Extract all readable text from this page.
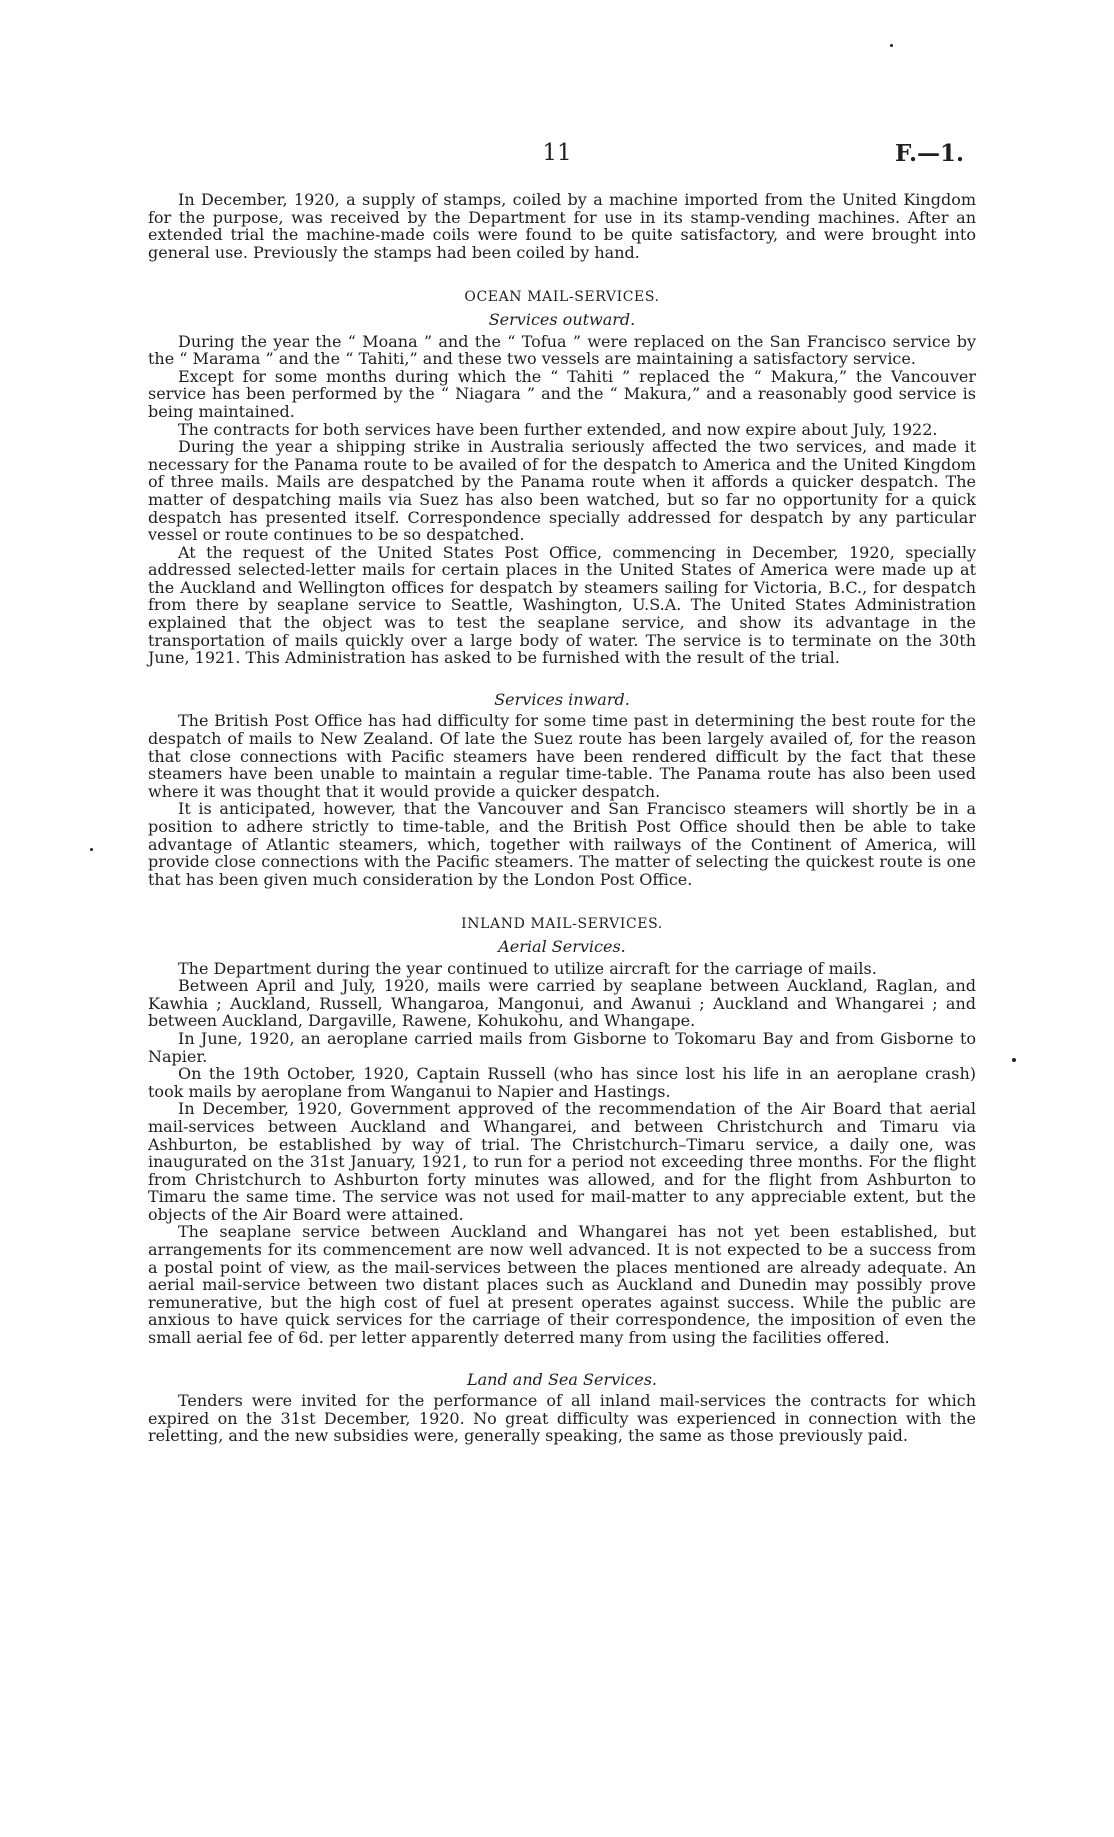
11	F.—1.

In December, 1920, a supply of stamps, coiled by a machine imported from the United Kingdom for the purpose, was received by the Department for use in its stamp-vending machines. After an extended trial the machine-made coils were found to be quite satisfactory, and were brought into general use. Previously the stamps had been coiled by hand.

OCEAN MAIL-SERVICES.
Services outward.

During the year the “ Moana ” and the “ Tofua ” were replaced on the San Francisco service by the “ Marama ” and the “ Tahiti,” and these two vessels are maintaining a satisfactory service.

Except for some months during which the “ Tahiti ” replaced the “ Makura,” the Vancouver service has been performed by the “ Niagara ” and the “ Makura,” and a reasonably good service is being maintained.

The contracts for both services have been further extended, and now expire about July, 1922.

During the year a shipping strike in Australia seriously affected the two services, and made it necessary for the Panama route to be availed of for the despatch to America and the United Kingdom of three mails. Mails are despatched by the Panama route when it affords a quicker despatch. The matter of despatching mails via Suez has also been watched, but so far no opportunity for a quick despatch has presented itself. Correspondence specially addressed for despatch by any particular vessel or route continues to be so despatched.

At the request of the United States Post Office, commencing in December, 1920, specially addressed selected-letter mails for certain places in the United States of America were made up at the Auckland and Wellington offices for despatch by steamers sailing for Victoria, B.C., for despatch from there by seaplane service to Seattle, Washington, U.S.A. The United States Administration explained that the object was to test the seaplane service, and show its advantage in the transportation of mails quickly over a large body of water. The service is to terminate on the 30th June, 1921. This Administration has asked to be furnished with the result of the trial.

Services inward.

The British Post Office has had difficulty for some time past in determining the best route for the despatch of mails to New Zealand. Of late the Suez route has been largely availed of, for the reason that close connections with Pacific steamers have been rendered difficult by the fact that these steamers have been unable to maintain a regular time-table. The Panama route has also been used where it was thought that it would provide a quicker despatch.

It is anticipated, however, that the Vancouver and San Francisco steamers will shortly be in a position to adhere strictly to time-table, and the British Post Office should then be able to take advantage of Atlantic steamers, which, together with railways of the Continent of America, will provide close connections with the Pacific steamers. The matter of selecting the quickest route is one that has been given much consideration by the London Post Office.

INLAND MAIL-SERVICES.
Aerial Services.

The Department during the year continued to utilize aircraft for the carriage of mails.

Between April and July, 1920, mails were carried by seaplane between Auckland, Raglan, and Kawhia ; Auckland, Russell, Whangaroa, Mangonui, and Awanui ; Auckland and Whangarei ; and between Auckland, Dargaville, Rawene, Kohukohu, and Whangape.

In June, 1920, an aeroplane carried mails from Gisborne to Tokomaru Bay and from Gisborne to Napier.

On the 19th October, 1920, Captain Russell (who has since lost his life in an aeroplane crash) took mails by aeroplane from Wanganui to Napier and Hastings.

In December, 1920, Government approved of the recommendation of the Air Board that aerial mail-services between Auckland and Whangarei, and between Christchurch and Timaru via Ashburton, be established by way of trial. The Christchurch–Timaru service, a daily one, was inaugurated on the 31st January, 1921, to run for a period not exceeding three months. For the flight from Christchurch to Ashburton forty minutes was allowed, and for the flight from Ashburton to Timaru the same time. The service was not used for mail-matter to any appreciable extent, but the objects of the Air Board were attained.

The seaplane service between Auckland and Whangarei has not yet been established, but arrangements for its commencement are now well advanced. It is not expected to be a success from a postal point of view, as the mail-services between the places mentioned are already adequate. An aerial mail-service between two distant places such as Auckland and Dunedin may possibly prove remunerative, but the high cost of fuel at present operates against success. While the public are anxious to have quick services for the carriage of their correspondence, the imposition of even the small aerial fee of 6d. per letter apparently deterred many from using the facilities offered.

Land and Sea Services.

Tenders were invited for the performance of all inland mail-services the contracts for which expired on the 31st December, 1920. No great difficulty was experienced in connection with the reletting, and the new subsidies were, generally speaking, the same as those previously paid.
